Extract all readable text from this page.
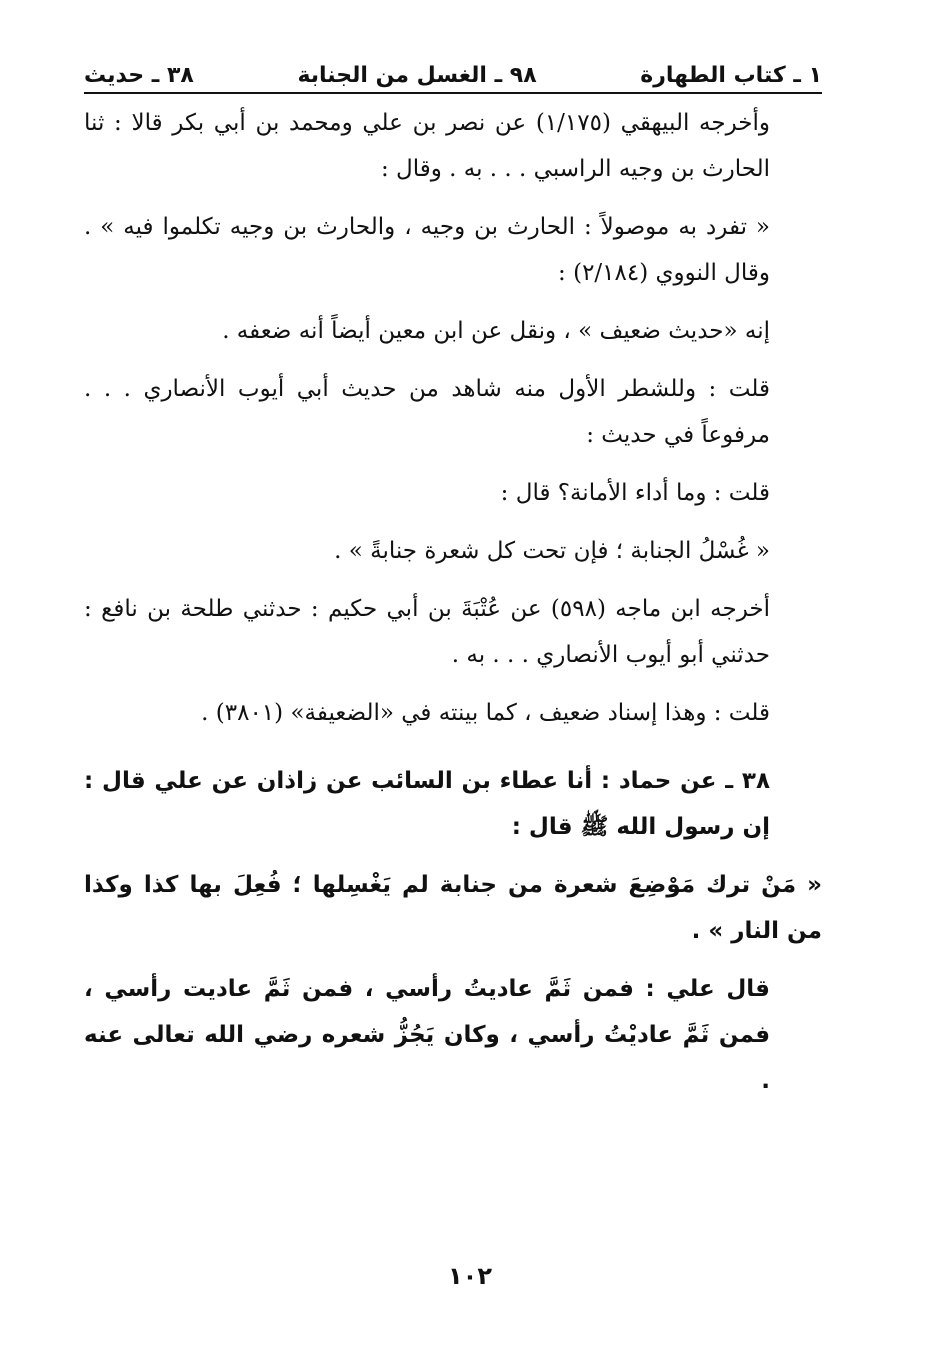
١ ـ كتاب الطهارة
٩٨ ـ الغسل من الجنابة
٣٨ ـ حديث

وأخرجه البيهقي (١/١٧٥) عن نصر بن علي ومحمد بن أبي بكر قالا : ثنا الحارث بن وجيه الراسبي . . . به . وقال :

« تفرد به موصولاً : الحارث بن وجيه ، والحارث بن وجيه تكلموا فيه » . وقال النووي (٢/١٨٤) :

إنه «حديث ضعيف » ، ونقل عن ابن معين أيضاً أنه ضعفه .

قلت : وللشطر الأول منه شاهد من حديث أبي أيوب الأنصاري . . . مرفوعاً في حديث :

قلت : وما أداء الأمانة؟ قال :

« غُسْلُ الجنابة ؛ فإن تحت كل شعرة جنابةً » .

أخرجه ابن ماجه (٥٩٨) عن عُتْبَةَ بن أبي حكيم : حدثني طلحة بن نافع : حدثني أبو أيوب الأنصاري . . . به .

قلت : وهذا إسناد ضعيف ، كما بينته في «الضعيفة» (٣٨٠١) .

٣٨ ـ عن حماد : أنا عطاء بن السائب عن زاذان عن علي قال : إن رسول الله ﷺ قال :

« مَنْ ترك مَوْضِعَ شعرة من جنابة لم يَغْسِلها ؛ فُعِلَ بها كذا وكذا من النار » .

قال علي : فمن ثَمَّ عاديتُ رأسي ، فمن ثَمَّ عاديت رأسي ، فمن ثَمَّ عاديْتُ رأسي ، وكان يَجُزُّ شعره رضي الله تعالى عنه .

١٠٢
